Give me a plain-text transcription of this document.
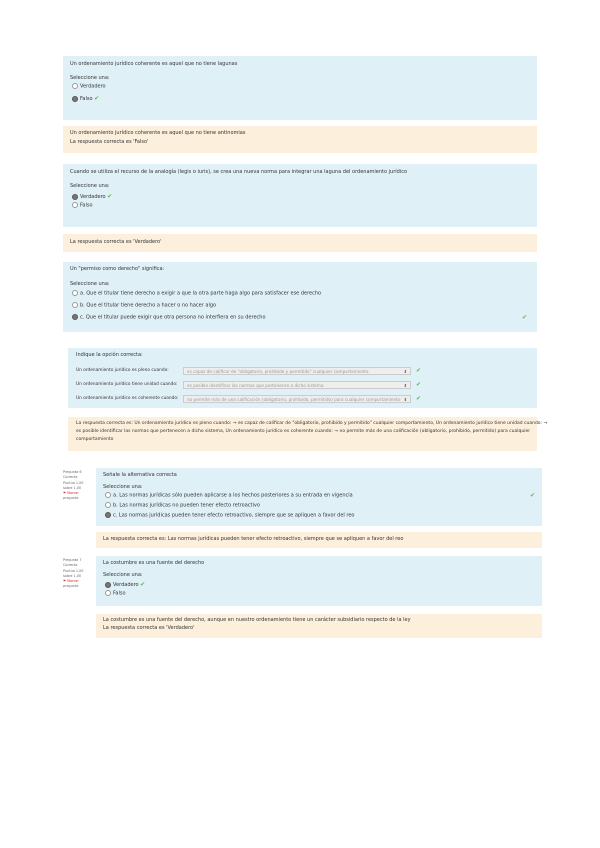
Un ordenamiento jurídico coherente es aquel que no tiene lagunas
Seleccione una:
Verdadero
Falso ✔
Un ordenamiento jurídico coherente es aquel que no tiene antinomias
La respuesta correcta es 'Falso'
Cuando se utiliza el recurso de la analogía (legis o iuris), se crea una nueva norma para integrar una laguna del ordenamiento jurídico
Seleccione una:
Verdadero ✔
Falso
La respuesta correcta es 'Verdadero'
Un "permiso como derecho" significa:
Seleccione una:
a. Que el titular tiene derecho a exigir a que la otra parte haga algo para satisfacer ese derecho
b. Que el titular tiene derecho a hacer o no hacer algo
c. Que el titular puede exigir que otra persona no interfiera en su derecho	✔
Indique la opción correcta:
Un ordenamiento jurídico es pleno cuando:	es capaz de calificar de "obligatorio, prohibido y permitido" cualquier comportamiento	⬍ ✔
Un ordenamiento jurídico tiene unidad cuando:	es posible identificar las normas que pertenecen a dicho sistema	⬍ ✔
Un ordenamiento jurídico es coherente cuando:	no permite más de una calificación (obligatorio, prohibido, permitido) para cualquier comportamiento ⬍ ✔
La respuesta correcta es: Un ordenamiento jurídico es pleno cuando: → es capaz de calificar de "obligatorio, prohibido y permitido" cualquier comportamiento, Un ordenamiento jurídico tiene unidad cuando: →
es posible identificar las normas que pertenecen a dicho sistema, Un ordenamiento jurídico es coherente cuando: → no permite más de una calificación (obligatorio, prohibido, permitido) para cualquier
comportamiento
Pregunta 6
Correcta
Puntúa 1,00
sobre 1,00
⚑ Marcar
pregunta
Señale la alternativa correcta
Seleccione una:
a. Las normas jurídicas sólo pueden aplicarse a los hechos posteriores a su entrada en vigencia
b. Las normas jurídicas no pueden tener efecto retroactivo
c. Las normas jurídicas pueden tener efecto retroactivo, siempre que se apliquen a favor del reo
✔
La respuesta correcta es: Las normas jurídicas pueden tener efecto retroactivo, siempre que se apliquen a favor del reo
Pregunta 7
Correcta
Puntúa 1,00
sobre 1,00
⚑ Marcar
pregunta
La costumbre es una fuente del derecho
Seleccione una:
Verdadero ✔
Falso
La costumbre es una fuente del derecho, aunque en nuestro ordenamiento tiene un carácter subsidiario respecto de la ley
La respuesta correcta es 'Verdadero'
